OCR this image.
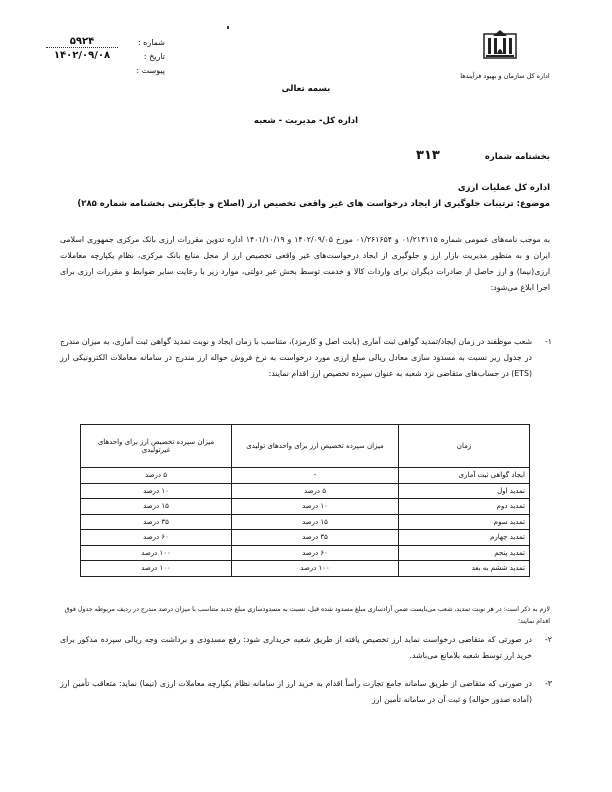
اداره کل سازمان و بهبود فرآیندها
شماره :
۵۹۲۴
تاریخ :
۱۴۰۲/۰۹/۰۸
پیوست :
بسمه تعالی
اداره کل- مدیریت - شعبه
بخشنامه شماره ۳۱۳
اداره کل عملیات ارزی
موضوع: ترتیبات جلوگیری از ایجاد درخواست های غیر واقعی تخصیص ارز (اصلاح و جایگزینی بخشنامه شماره ۲۸۵)
به موجب نامه‌های عمومی شماره ۰۱/۲۱۴۱۱۵ و ۰۱/۲۶۱۶۵۴ مورخ ۱۴۰۲/۰۹/۰۵ و ۱۴۰۱/۱۰/۱۹ اداره تدوین مقررات ارزی بانک مرکزی جمهوری اسلامی ایران و به منظور مدیریت بازار ارز و جلوگیری از ایجاد درخواست‌های غیر واقعی تخصیص ارز از محل منابع بانک مرکزی، نظام یکپارچه معاملات ارزی(نیما) و ارز حاصل از صادرات دیگران برای واردات کالا و خدمت توسط بخش غیر دولتی، موارد زیر با رعایت سایر ضوابط و مقررات ارزی برای اجرا ابلاغ می‌شود:
۱-
شعب موظفند در زمان ایجاد/تمدید گواهی ثبت آماری (بابت اصل و کارمزد)، متناسب با زمان ایجاد و نوبت تمدید گواهی ثبت آماری، به میزان مندرج در جدول زیر نسبت به مسدود سازی معادل ریالی مبلغ ارزی مورد درخواست به نرخ فروش حواله ارز مندرج در سامانه معاملات الکترونیکی ارز (ETS) در حساب‌های متقاضی نزد شعبه به عنوان سپرده تخصیص ارز اقدام نمایند:
زمان	میزان سپرده تخصیص ارز برای واحدهای تولیدی	میزان سپرده تخصیص ارز برای واحدهای غیرتولیدی
ایجاد گواهی ثبت آماری	-	۵ درصد
تمدید اول	۵ درصد	۱۰ درصد
تمدید دوم	۱۰ درصد	۱۵ درصد
تمدید سوم	۱۵ درصد	۳۵ درصد
تمدید چهارم	۳۵ درصد	۶۰ درصد
تمدید پنجم	۶۰ درصد	۱۰۰ درصد
تمدید ششم به بعد	۱۰۰ درصد	۱۰۰ درصد
لازم به ذکر است: در هر نوبت تمدید، شعب می‌بایست ضمن آزادسازی مبلغ مسدود شده قبل، نسبت به مسدودسازی مبلغ جدید متناسب با میزان درصد مندرج در ردیف مربوطه جدول فوق اقدام نمایند؛
۲-
در صورتی که متقاضی درخواست نماید ارز تخصیص یافته از طریق شعبه خریداری شود: رفع مسدودی و برداشت وجه ریالی سپرده مذکور برای خرید ارز توسط شعبه بلامانع می‌باشد.
۳-
در صورتی که متقاضی از طریق سامانه جامع تجارت رأساً اقدام به خرید ارز از سامانه نظام یکپارچه معاملات ارزی (نیما) نماید: متعاقب تأمین ارز (آماده صدور حواله) و ثبت آن در سامانه تأمین ارز
